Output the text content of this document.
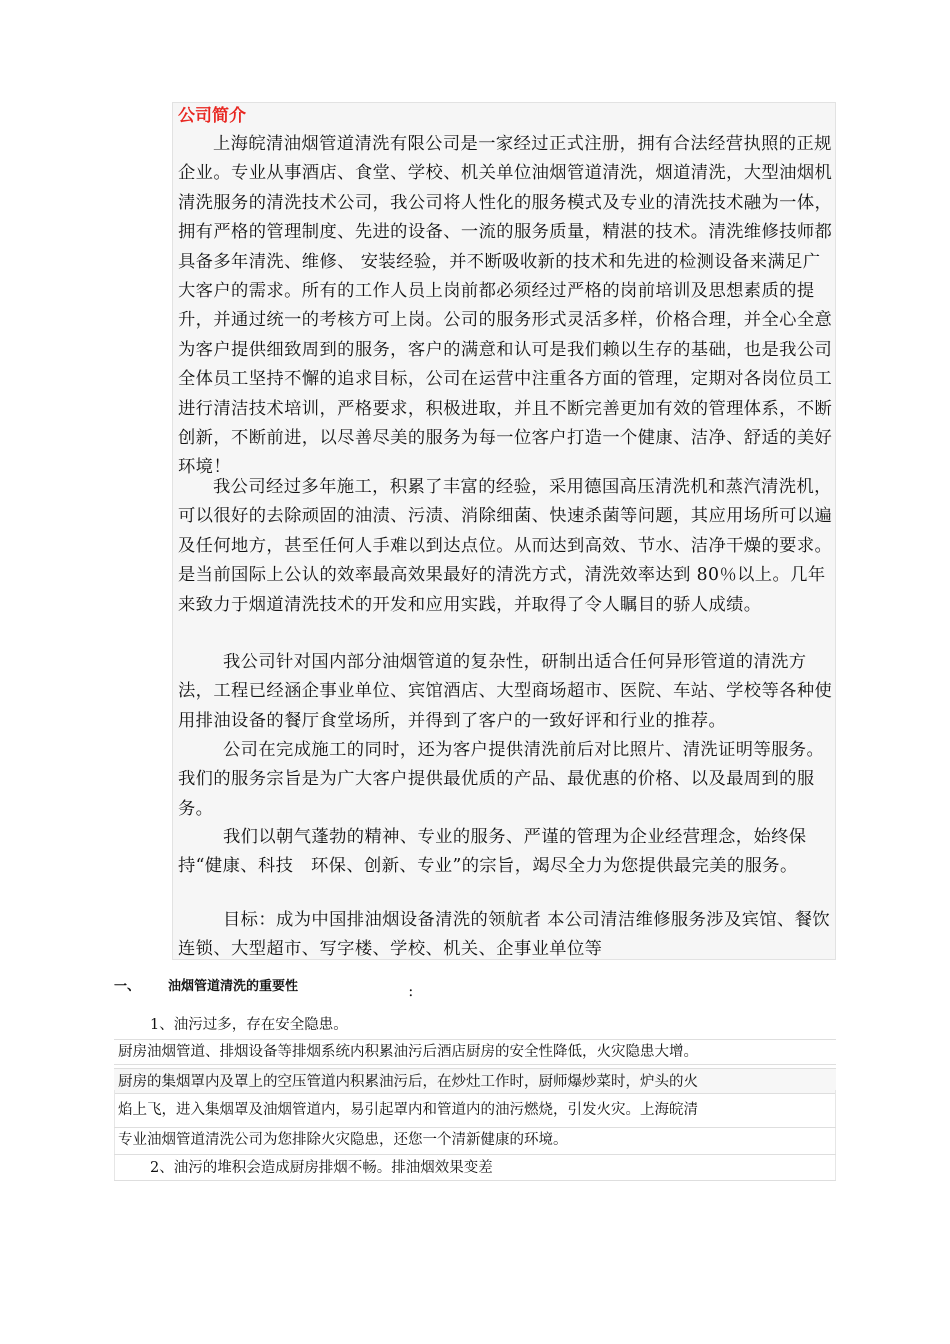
公司简介

上海皖清油烟管道清洗有限公司是一家经过正式注册，拥有合法经营执照的正规企业。专业从事酒店、食堂、学校、机关单位油烟管道清洗，烟道清洗，大型油烟机清洗服务的清洗技术公司，我公司将人性化的服务模式及专业的清洗技术融为一体，拥有严格的管理制度、先进的设备、一流的服务质量，精湛的技术。清洗维修技师都具备多年清洗、维修、 安装经验，并不断吸收新的技术和先进的检测设备来满足广大客户的需求。所有的工作人员上岗前都必须经过严格的岗前培训及思想素质的提升，并通过统一的考核方可上岗。公司的服务形式灵活多样，价格合理，并全心全意为客户提供细致周到的服务，客户的满意和认可是我们赖以生存的基础，也是我公司全体员工坚持不懈的追求目标，公司在运营中注重各方面的管理，定期对各岗位员工进行清洁技术培训，严格要求，积极进取，并且不断完善更加有效的管理体系，不断创新，不断前进，以尽善尽美的服务为每一位客户打造一个健康、洁净、舒适的美好环境！

我公司经过多年施工，积累了丰富的经验，采用德国高压清洗机和蒸汽清洗机，可以很好的去除顽固的油渍、污渍、消除细菌、快速杀菌等问题，其应用场所可以遍及任何地方，甚至任何人手难以到达点位。从而达到高效、节水、洁净干燥的要求。是当前国际上公认的效率最高效果最好的清洗方式，清洗效率达到 80％以上。几年来致力于烟道清洗技术的开发和应用实践，并取得了令人瞩目的骄人成绩。

我公司针对国内部分油烟管道的复杂性，研制出适合任何异形管道的清洗方法，工程已经涵企事业单位、宾馆酒店、大型商场超市、医院、车站、学校等各种使用排油设备的餐厅食堂场所，并得到了客户的一致好评和行业的推荐。

公司在完成施工的同时，还为客户提供清洗前后对比照片、清洗证明等服务。我们的服务宗旨是为广大客户提供最优质的产品、最优惠的价格、以及最周到的服务。

我们以朝气蓬勃的精神、专业的服务、严谨的管理为企业经营理念，始终保持“健康、科技　环保、创新、专业”的宗旨，竭尽全力为您提供最完美的服务。

目标：成为中国排油烟设备清洗的领航者 本公司清洁维修服务涉及宾馆、餐饮连锁、大型超市、写字楼、学校、机关、企事业单位等

一、 油烟管道清洗的重要性	：

1、油污过多，存在安全隐患。

厨房油烟管道、排烟设备等排烟系统内积累油污后酒店厨房的安全性降低，火灾隐患大增。

厨房的集烟罩内及罩上的空压管道内积累油污后，在炒灶工作时，厨师爆炒菜时，炉头的火

焰上飞，进入集烟罩及油烟管道内，易引起罩内和管道内的油污燃烧，引发火灾。上海皖清

专业油烟管道清洗公司为您排除火灾隐患，还您一个清新健康的环境。

2、油污的堆积会造成厨房排烟不畅。排油烟效果变差
